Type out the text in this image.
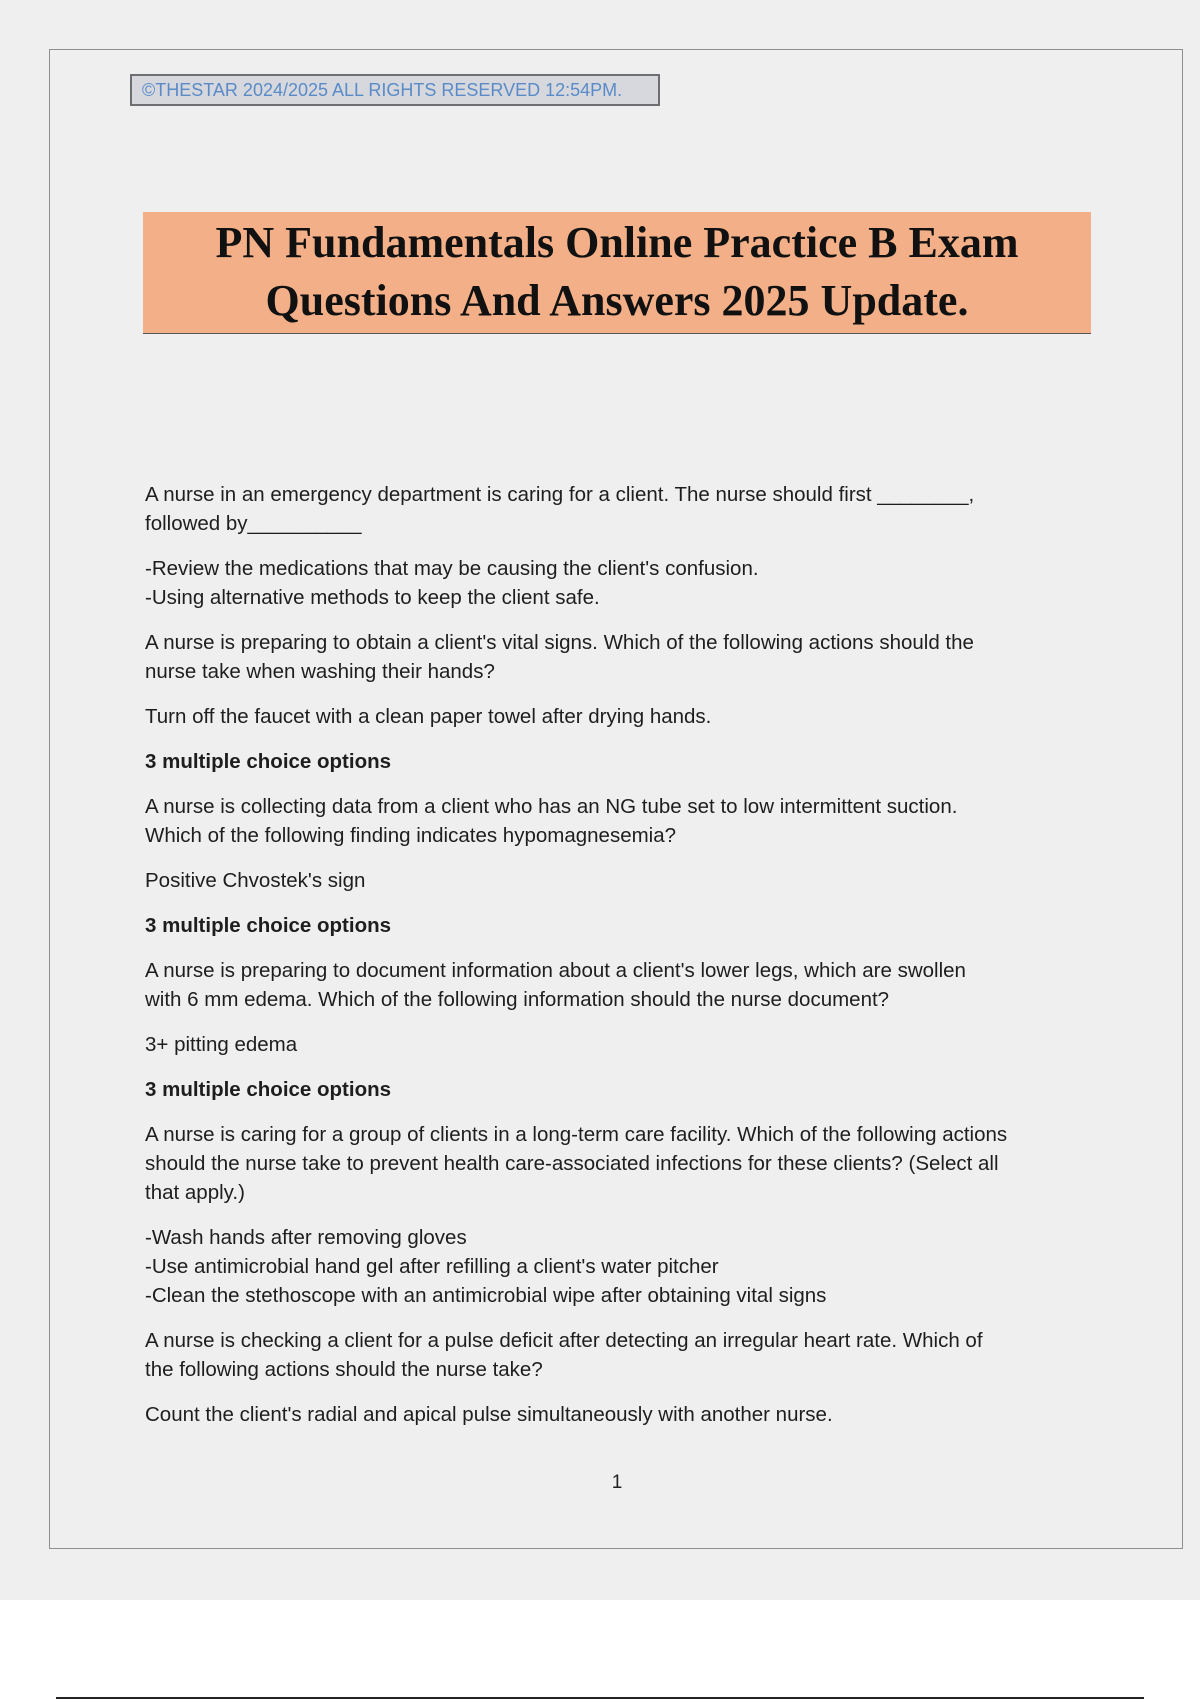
©THESTAR 2024/2025 ALL RIGHTS RESERVED 12:54PM.
PN Fundamentals Online Practice B Exam
Questions And Answers 2025 Update.

A nurse in an emergency department is caring for a client. The nurse should first ________,
followed by__________

-Review the medications that may be causing the client's confusion.
-Using alternative methods to keep the client safe.

A nurse is preparing to obtain a client's vital signs. Which of the following actions should the
nurse take when washing their hands?

Turn off the faucet with a clean paper towel after drying hands.

3 multiple choice options

A nurse is collecting data from a client who has an NG tube set to low intermittent suction.
Which of the following finding indicates hypomagnesemia?

Positive Chvostek's sign

3 multiple choice options

A nurse is preparing to document information about a client's lower legs, which are swollen
with 6 mm edema. Which of the following information should the nurse document?

3+ pitting edema

3 multiple choice options

A nurse is caring for a group of clients in a long-term care facility. Which of the following actions
should the nurse take to prevent health care-associated infections for these clients? (Select all
that apply.)

-Wash hands after removing gloves
-Use antimicrobial hand gel after refilling a client's water pitcher
-Clean the stethoscope with an antimicrobial wipe after obtaining vital signs

A nurse is checking a client for a pulse deficit after detecting an irregular heart rate. Which of
the following actions should the nurse take?

Count the client's radial and apical pulse simultaneously with another nurse.

1
